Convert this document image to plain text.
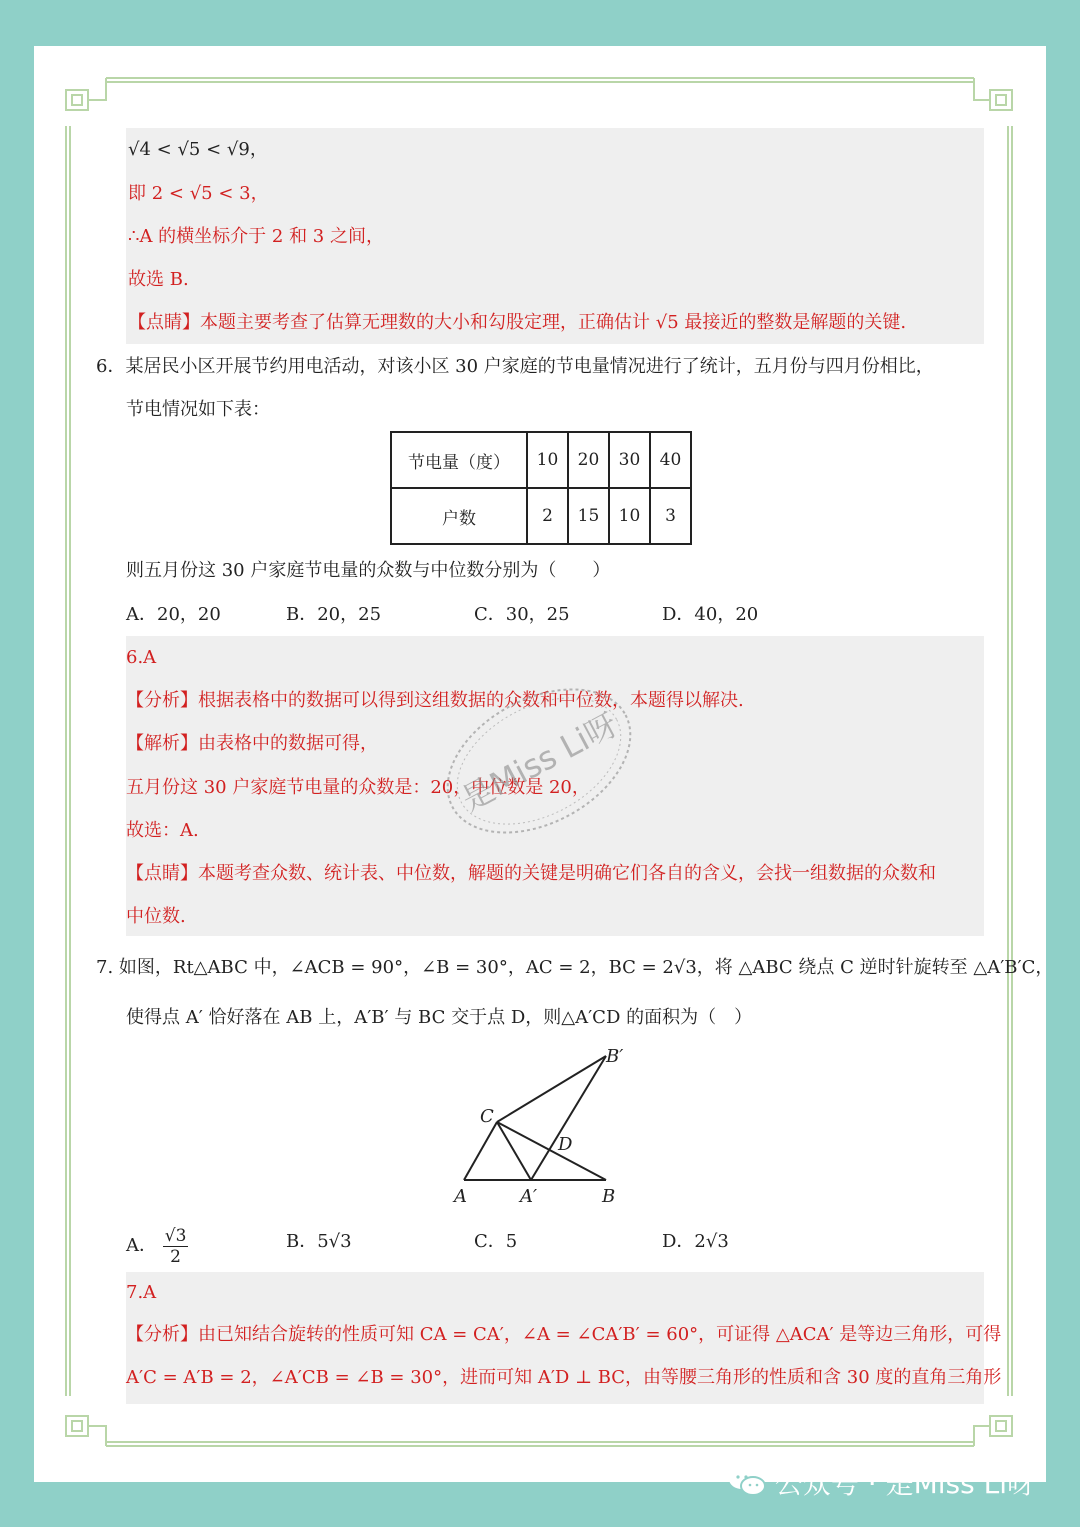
√4 < √5 < √9，
即 2 < √5 < 3，
∴A 的横坐标介于 2 和 3 之间，
故选 B.
【点睛】本题主要考查了估算无理数的大小和勾股定理，正确估计 √5 最接近的整数是解题的关键.
6．某居民小区开展节约用电活动，对该小区 30 户家庭的节电量情况进行了统计，五月份与四月份相比，
节电情况如下表：
节电量（度）	10	20	30	40
户数	2	15	10	3
则五月份这 30 户家庭节电量的众数与中位数分别为（　　）
A．20，20	B．20，25	C．30，25	D．40，20
6.A
【分析】根据表格中的数据可以得到这组数据的众数和中位数，本题得以解决.
【解析】由表格中的数据可得，
五月份这 30 户家庭节电量的众数是：20，中位数是 20，
故选：A.
【点睛】本题考查众数、统计表、中位数，解题的关键是明确它们各自的含义，会找一组数据的众数和
中位数.
是Miss Li呀
7. 如图，Rt△ABC 中，∠ACB = 90°，∠B = 30°，AC = 2，BC = 2√3，将 △ABC 绕点 C 逆时针旋转至 △A′B′C，
使得点 A′ 恰好落在 AB 上，A′B′ 与 BC 交于点 D，则△A′CD 的面积为（　）
A	A′	B
B′
C
D
A． $\frac{√3}{2}$	B．5√3	C．5	D．2√3
7.A
【分析】由已知结合旋转的性质可知 CA = CA′，∠A = ∠CA′B′ = 60°，可证得 △ACA′ 是等边三角形，可得
A′C = A′B = 2，∠A′CB = ∠B = 30°，进而可知 A′D ⊥ BC，由等腰三角形的性质和含 30 度的直角三角形
公众号 · 是Miss Li呀
